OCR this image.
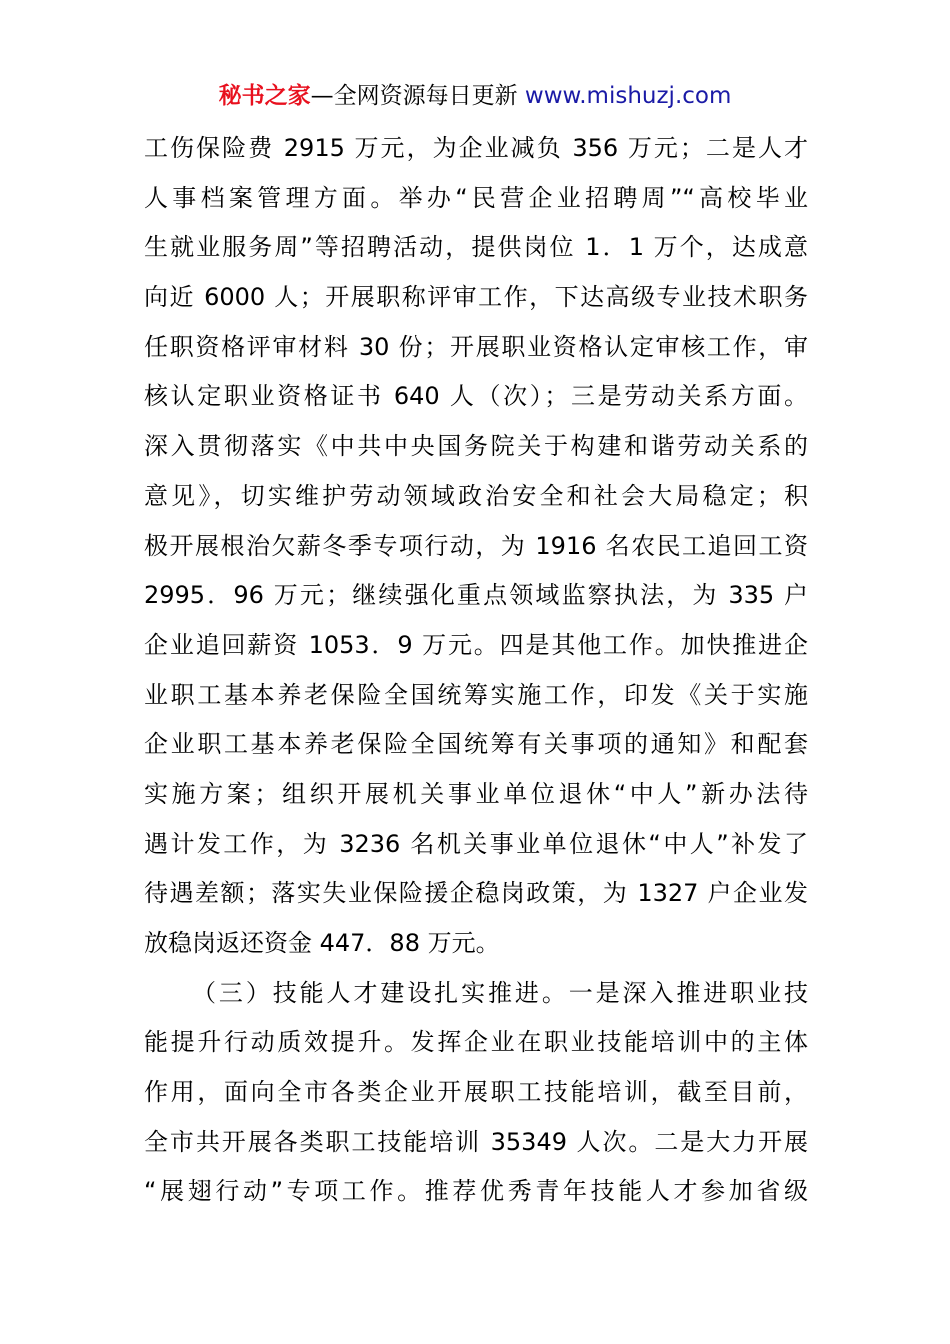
秘书之家—全网资源每日更新 www.mishuzj.com
工伤保险费 2915 万元，为企业减负 356 万元；二是人才
人事档案管理方面。举办“民营企业招聘周”“高校毕业
生就业服务周”等招聘活动，提供岗位 1．1 万个，达成意
向近 6000 人；开展职称评审工作，下达高级专业技术职务
任职资格评审材料 30 份；开展职业资格认定审核工作，审
核认定职业资格证书 640 人（次）；三是劳动关系方面。
深入贯彻落实《中共中央国务院关于构建和谐劳动关系的
意见》，切实维护劳动领域政治安全和社会大局稳定；积
极开展根治欠薪冬季专项行动，为 1916 名农民工追回工资
2995．96 万元；继续强化重点领域监察执法，为 335 户
企业追回薪资 1053．9 万元。四是其他工作。加快推进企
业职工基本养老保险全国统筹实施工作，印发《关于实施
企业职工基本养老保险全国统筹有关事项的通知》和配套
实施方案；组织开展机关事业单位退休“中人”新办法待
遇计发工作，为 3236 名机关事业单位退休“中人”补发了
待遇差额；落实失业保险援企稳岗政策，为 1327 户企业发
放稳岗返还资金 447．88 万元。
（三）技能人才建设扎实推进。一是深入推进职业技
能提升行动质效提升。发挥企业在职业技能培训中的主体
作用，面向全市各类企业开展职工技能培训，截至目前，
全市共开展各类职工技能培训 35349 人次。二是大力开展
“展翅行动”专项工作。推荐优秀青年技能人才参加省级
